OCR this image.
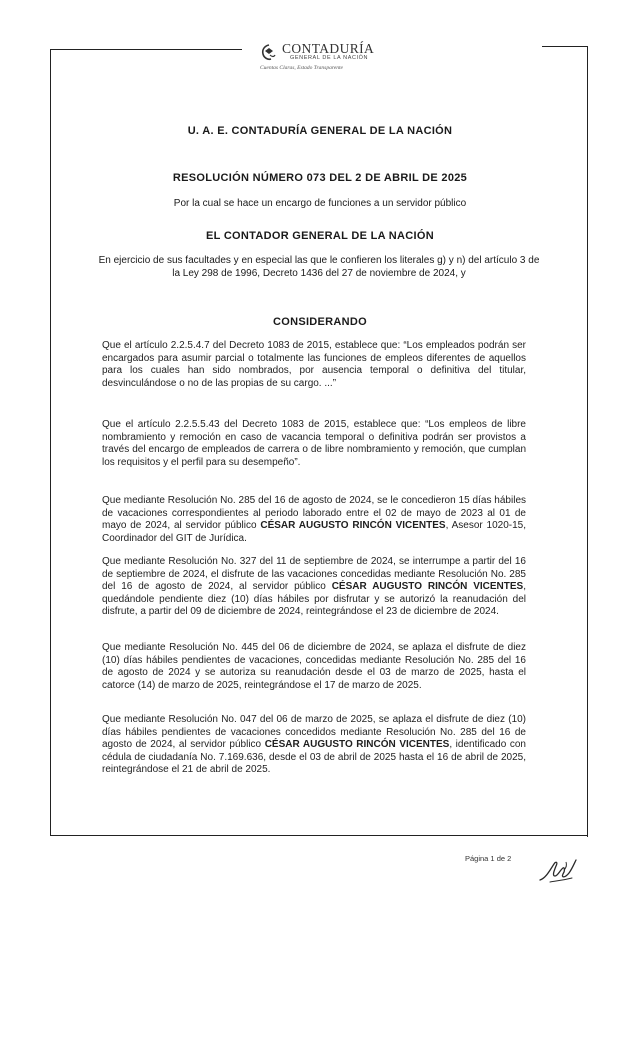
CONTADURÍA
GENERAL DE LA NACIÓN
Cuentas Claras, Estado Transparente
U. A. E. CONTADURÍA GENERAL DE LA NACIÓN
RESOLUCIÓN NÚMERO 073 DEL 2 DE ABRIL DE 2025
Por la cual se hace un encargo de funciones a un servidor público
EL CONTADOR GENERAL DE LA NACIÓN
En ejercicio de sus facultades y en especial las que le confieren los literales g) y n) del artículo 3 de la Ley 298 de 1996, Decreto 1436 del 27 de noviembre de 2024, y
CONSIDERANDO
Que el artículo 2.2.5.4.7 del Decreto 1083 de 2015, establece que: “Los empleados podrán ser encargados para asumir parcial o totalmente las funciones de empleos diferentes de aquellos para los cuales han sido nombrados, por ausencia temporal o definitiva del titular, desvinculándose o no de las propias de su cargo. ...”
Que el artículo 2.2.5.5.43 del Decreto 1083 de 2015, establece que: “Los empleos de libre nombramiento y remoción en caso de vacancia temporal o definitiva podrán ser provistos a través del encargo de empleados de carrera o de libre nombramiento y remoción, que cumplan los requisitos y el perfil para su desempeño”.
Que mediante Resolución No. 285 del 16 de agosto de 2024, se le concedieron 15 días hábiles de vacaciones correspondientes al periodo laborado entre el 02 de mayo de 2023 al 01 de mayo de 2024, al servidor público CÉSAR AUGUSTO RINCÓN VICENTES, Asesor 1020-15, Coordinador del GIT de Jurídica.
Que mediante Resolución No. 327 del 11 de septiembre de 2024, se interrumpe a partir del 16 de septiembre de 2024, el disfrute de las vacaciones concedidas mediante Resolución No. 285 del 16 de agosto de 2024, al servidor público CÉSAR AUGUSTO RINCÓN VICENTES, quedándole pendiente diez (10) días hábiles por disfrutar y se autorizó la reanudación del disfrute, a partir del 09 de diciembre de 2024, reintegrándose el 23 de diciembre de 2024.
Que mediante Resolución No. 445 del 06 de diciembre de 2024, se aplaza el disfrute de diez (10) días hábiles pendientes de vacaciones, concedidas mediante Resolución No. 285 del 16 de agosto de 2024 y se autoriza su reanudación desde el 03 de marzo de 2025, hasta el catorce (14) de marzo de 2025, reintegrándose el 17 de marzo de 2025.
Que mediante Resolución No. 047 del 06 de marzo de 2025, se aplaza el disfrute de diez (10) días hábiles pendientes de vacaciones concedidos mediante Resolución No. 285 del 16 de agosto de 2024, al servidor público CÉSAR AUGUSTO RINCÓN VICENTES, identificado con cédula de ciudadanía No. 7.169.636, desde el 03 de abril de 2025 hasta el 16 de abril de 2025, reintegrándose el 21 de abril de 2025.
Página 1 de 2
